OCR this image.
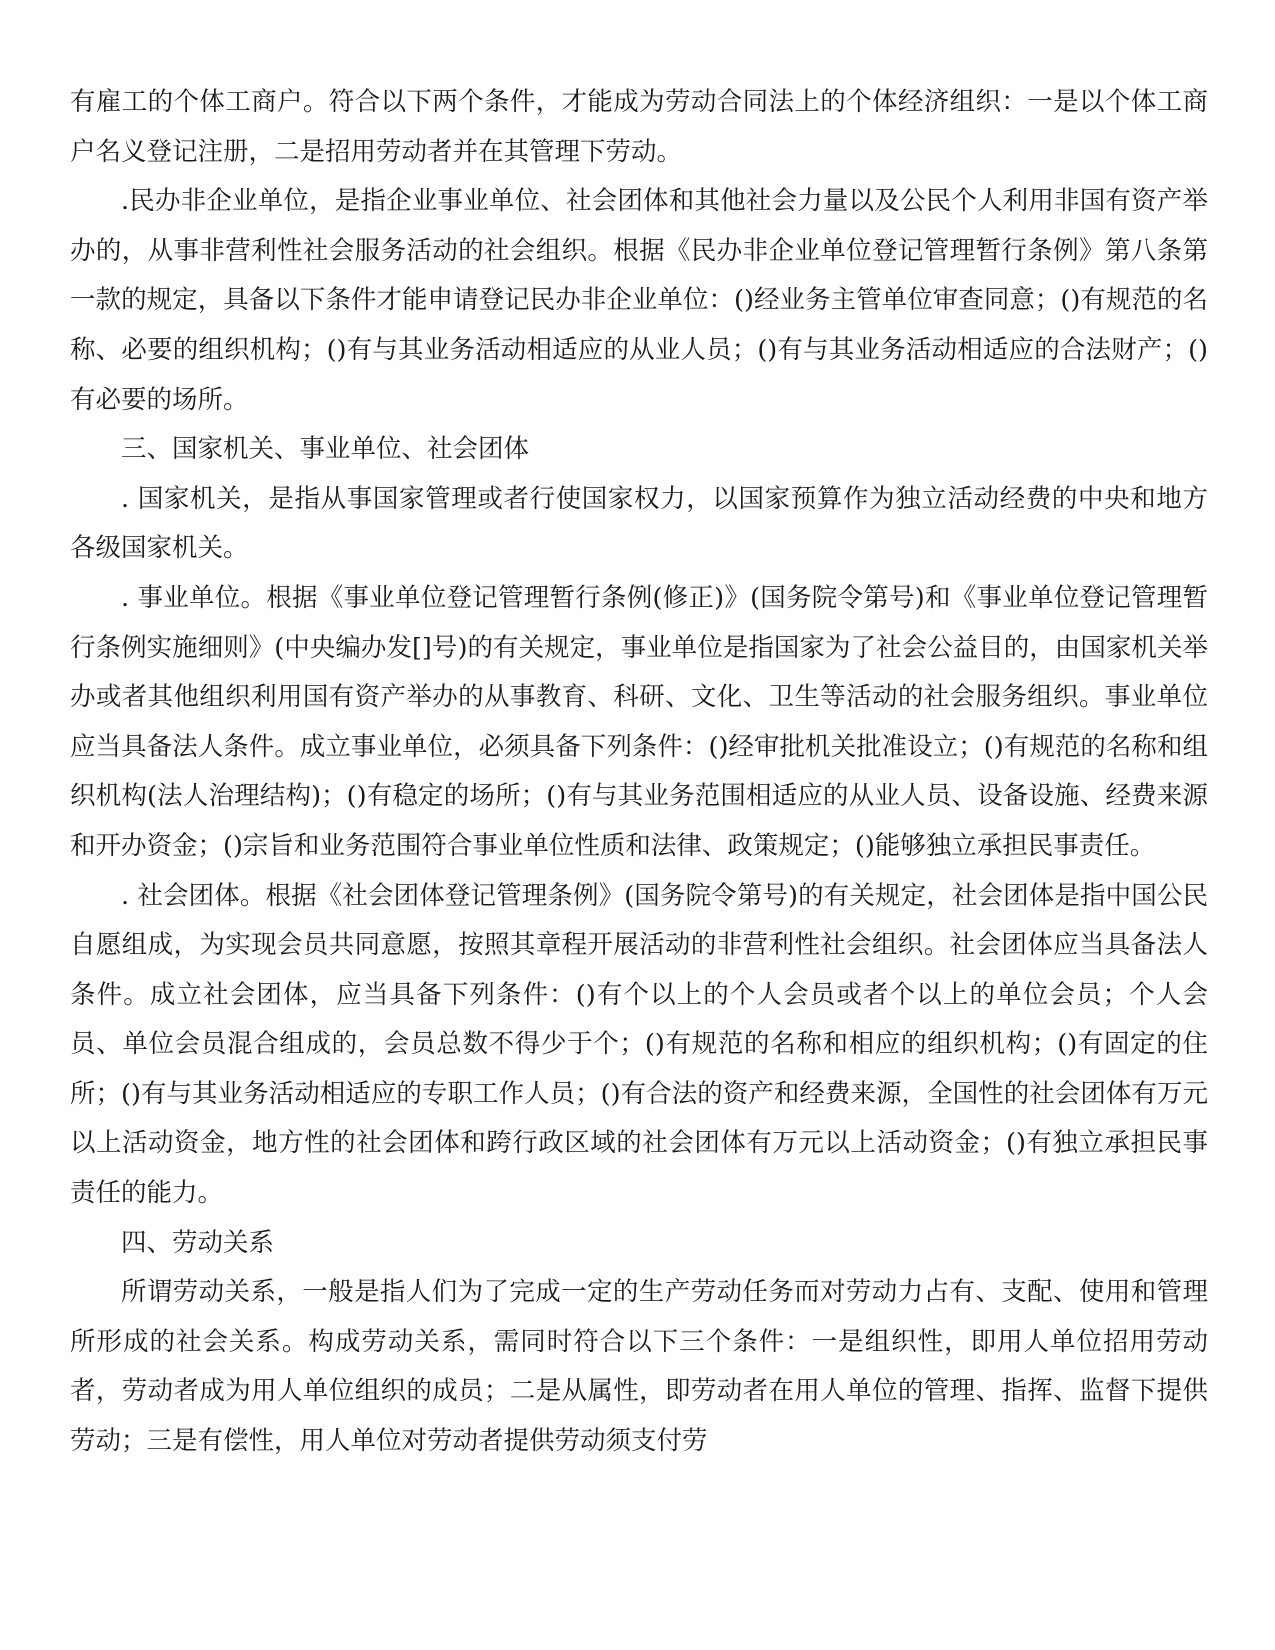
有雇工的个体工商户。符合以下两个条件，才能成为劳动合同法上的个体经济组织：一是以个体工商户名义登记注册，二是招用劳动者并在其管理下劳动。

.民办非企业单位，是指企业事业单位、社会团体和其他社会力量以及公民个人利用非国有资产举办的，从事非营利性社会服务活动的社会组织。根据《民办非企业单位登记管理暂行条例》第八条第一款的规定，具备以下条件才能申请登记民办非企业单位：()经业务主管单位审查同意；()有规范的名称、必要的组织机构；()有与其业务活动相适应的从业人员；()有与其业务活动相适应的合法财产；()有必要的场所。

三、国家机关、事业单位、社会团体

. 国家机关，是指从事国家管理或者行使国家权力，以国家预算作为独立活动经费的中央和地方各级国家机关。

. 事业单位。根据《事业单位登记管理暂行条例(修正)》(国务院令第号)和《事业单位登记管理暂行条例实施细则》(中央编办发[]号)的有关规定，事业单位是指国家为了社会公益目的，由国家机关举办或者其他组织利用国有资产举办的从事教育、科研、文化、卫生等活动的社会服务组织。事业单位应当具备法人条件。成立事业单位，必须具备下列条件：()经审批机关批准设立；()有规范的名称和组织机构(法人治理结构)；()有稳定的场所；()有与其业务范围相适应的从业人员、设备设施、经费来源和开办资金；()宗旨和业务范围符合事业单位性质和法律、政策规定；()能够独立承担民事责任。

. 社会团体。根据《社会团体登记管理条例》(国务院令第号)的有关规定，社会团体是指中国公民自愿组成，为实现会员共同意愿，按照其章程开展活动的非营利性社会组织。社会团体应当具备法人条件。成立社会团体，应当具备下列条件：()有个以上的个人会员或者个以上的单位会员；个人会员、单位会员混合组成的，会员总数不得少于个；()有规范的名称和相应的组织机构；()有固定的住所；()有与其业务活动相适应的专职工作人员；()有合法的资产和经费来源，全国性的社会团体有万元以上活动资金，地方性的社会团体和跨行政区域的社会团体有万元以上活动资金；()有独立承担民事责任的能力。

四、劳动关系

所谓劳动关系，一般是指人们为了完成一定的生产劳动任务而对劳动力占有、支配、使用和管理所形成的社会关系。构成劳动关系，需同时符合以下三个条件：一是组织性，即用人单位招用劳动者，劳动者成为用人单位组织的成员；二是从属性，即劳动者在用人单位的管理、指挥、监督下提供劳动；三是有偿性，用人单位对劳动者提供劳动须支付劳
